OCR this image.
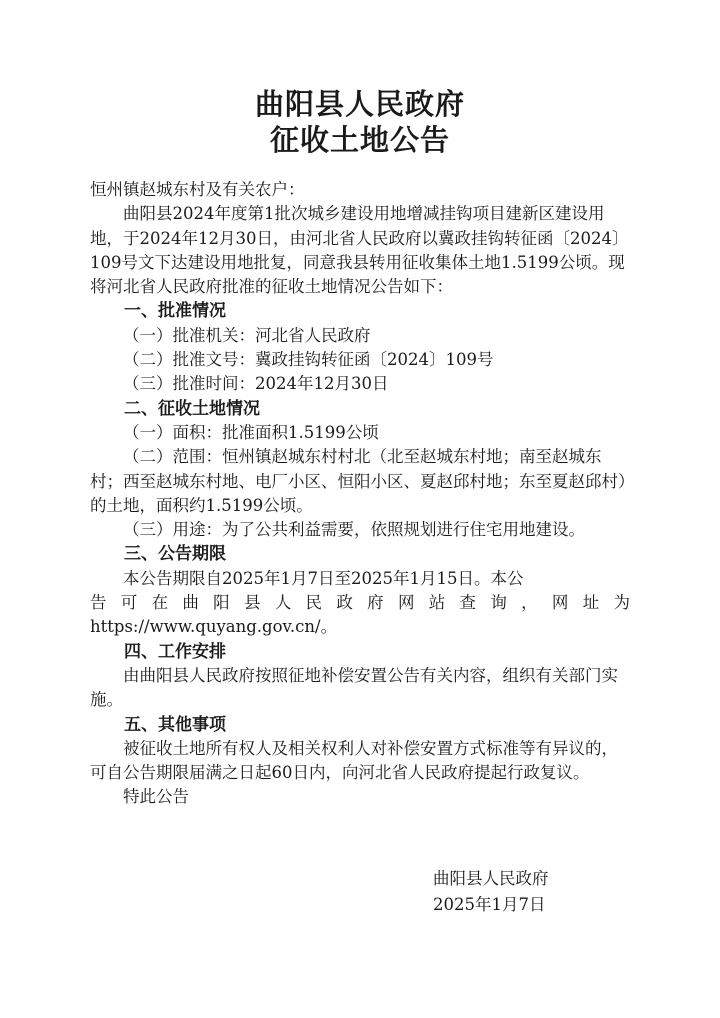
曲阳县人民政府
征收土地公告

恒州镇赵城东村及有关农户：

曲阳县2024年度第1批次城乡建设用地增减挂钩项目建新区建设用地，于2024年12月30日，由河北省人民政府以冀政挂钩转征函〔2024〕109号文下达建设用地批复，同意我县转用征收集体土地1.5199公顷。现将河北省人民政府批准的征收土地情况公告如下：

一、批准情况

（一）批准机关：河北省人民政府

（二）批准文号：冀政挂钩转征函〔2024〕109号

（三）批准时间：2024年12月30日

二、征收土地情况

（一）面积：批准面积1.5199公顷

（二）范围：恒州镇赵城东村村北（北至赵城东村地；南至赵城东村；西至赵城东村地、电厂小区、恒阳小区、夏赵邱村地；东至夏赵邱村）的土地，面积约1.5199公顷。

（三）用途：为了公共利益需要，依照规划进行住宅用地建设。

三、公告期限

本公告期限自2025年1月7日至2025年1月15日。本公

告可在曲阳县人民政府网站查询，网址为

https://www.quyang.gov.cn/。

四、工作安排

由曲阳县人民政府按照征地补偿安置公告有关内容，组织有关部门实施。

五、其他事项

被征收土地所有权人及相关权利人对补偿安置方式标准等有异议的，可自公告期限届满之日起60日内，向河北省人民政府提起行政复议。

特此公告

曲阳县人民政府

2025年1月7日
